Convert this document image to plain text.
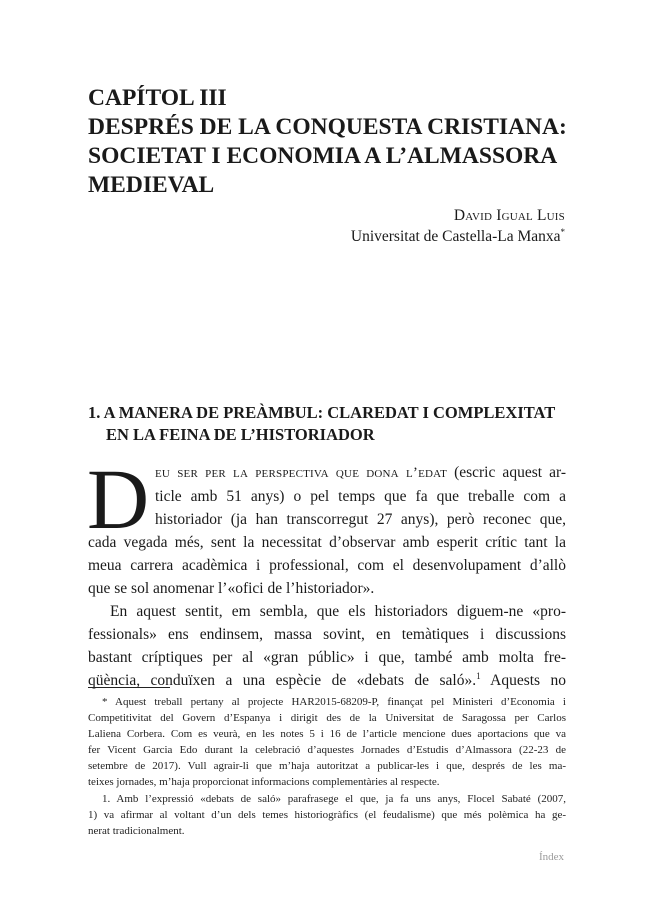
CAPÍTOL III
DESPRÉS DE LA CONQUESTA CRISTIANA:
SOCIETAT I ECONOMIA A L’ALMASSORA
MEDIEVAL
David Igual Luis
Universitat de Castella-La Manxa*
1. A MANERA DE PREÀMBUL: CLAREDAT I COMPLEXITAT
EN LA FEINA DE L’HISTORIADOR
D eu ser per la perspectiva que dona l’edat (escric aquest ar-
ticle amb 51 anys) o pel temps que fa que treballe com a
historiador (ja han transcorregut 27 anys), però reconec que,
cada vegada més, sent la necessitat d’observar amb esperit crític tant la
meua carrera acadèmica i professional, com el desenvolupament d’allò
que se sol anomenar l’«ofici de l’historiador».
En aquest sentit, em sembla, que els historiadors diguem-ne «pro-
fessionals» ens endinsem, massa sovint, en temàtiques i discussions
bastant críptiques per al «gran públic» i que, també amb molta fre-
qüència, conduïxen a una espècie de «debats de saló».$^1$ Aquests no
* Aquest treball pertany al projecte HAR2015-68209-P, finançat pel Ministeri d’Economia i
Competitivitat del Govern d’Espanya i dirigit des de la Universitat de Saragossa per Carlos
Laliena Corbera. Com es veurà, en les notes 5 i 16 de l’article mencione dues aportacions que va
fer Vicent Garcia Edo durant la celebració d’aquestes Jornades d’Estudis d’Almassora (22-23 de
setembre de 2017). Vull agrair-li que m’haja autoritzat a publicar-les i que, després de les ma-
teixes jornades, m’haja proporcionat informacions complementàries al respecte.
1. Amb l’expressió «debats de saló» parafrasege el que, ja fa uns anys, Flocel Sabaté (2007,
1) va afirmar al voltant d’un dels temes historiogràfics (el feudalisme) que més polèmica ha ge-
nerat tradicionalment.
Índex
